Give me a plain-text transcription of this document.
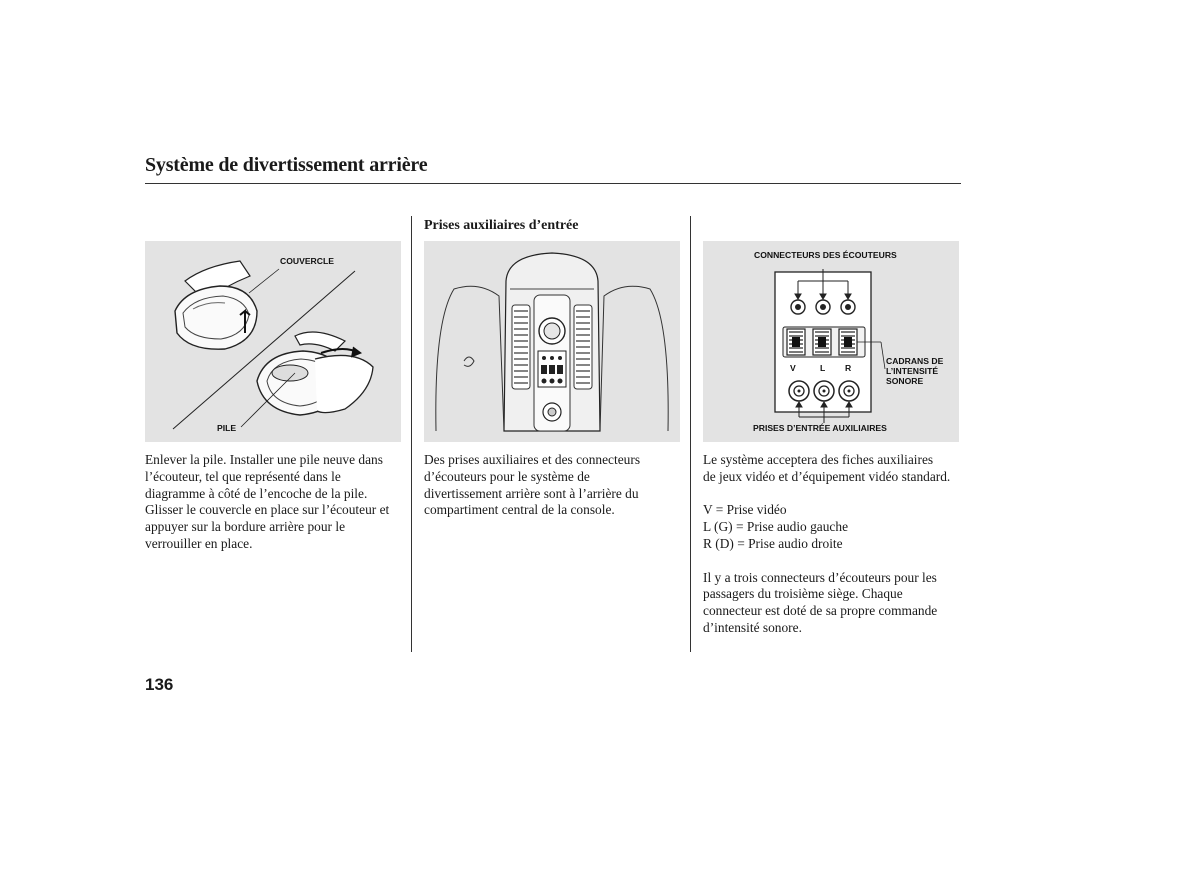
Système de divertissement arrière
COUVERCLE
PILE
Enlever la pile. Installer une pile neuve dans
l’écouteur, tel que représenté dans le
diagramme à côté de l’encoche de la pile.
Glisser le couvercle en place sur l’écouteur et
appuyer sur la bordure arrière pour le
verrouiller en place.
Prises auxiliaires d’entrée
Des prises auxiliaires et des connecteurs
d’écouteurs pour le système de
divertissement arrière sont à l’arrière du
compartiment central de la console.
CONNECTEURS DES ÉCOUTEURS
CADRANS DE
L’INTENSITÉ
SONORE
V	L R
PRISES D’ENTRÉE AUXILIAIRES

Le système acceptera des fiches auxiliaires
de jeux vidéo et d’équipement vidéo standard.

V = Prise vidéo
L (G) = Prise audio gauche
R (D) = Prise audio droite

Il y a trois connecteurs d’écouteurs pour les
passagers du troisième siège. Chaque
connecteur est doté de sa propre commande
d’intensité sonore.

136
